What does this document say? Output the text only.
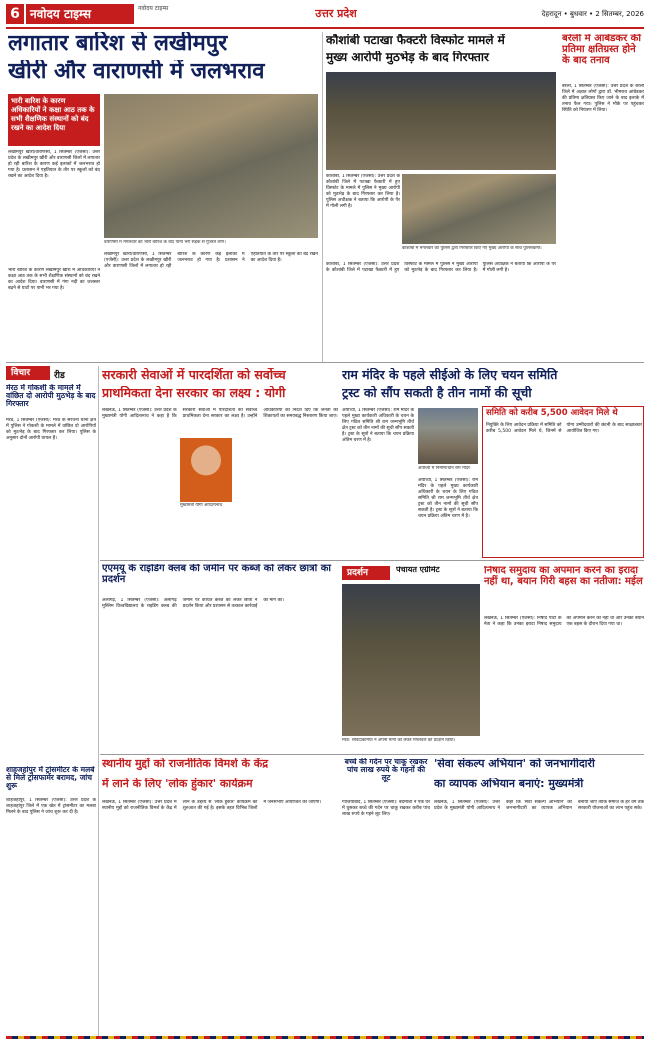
6 नवोदय टाइम्स	नवोदय टाइम्स	उत्तर प्रदेश	देहरादून • बुधवार • 2 सितम्बर, 2026
लगातार बारिश से लखीमपुर
खीरी और वाराणसी में जलभराव
भारी बारिश के कारण अधिकारियों ने कक्षा आठ तक के सभी शैक्षणिक संस्थानों को बंद रखने का आदेश दिया
लखीमपुर खीरी/वाराणसी, 1 सितम्बर (एजेंसी): उत्तर प्रदेश के लखीमपुर खीरी और वाराणसी जिलों में लगातार हो रही बारिश के कारण कई इलाकों में जलभराव हो गया है। प्रशासन ने एहतियात के तौर पर स्कूलों को बंद रखने का आदेश दिया है।
वाराणसी में मंगलवार को भारी बारिश के बाद पानी भरी सड़क से गुजरते लोग।
भारी बारिश के कारण लखीमपुर खीरी में अधिकारियों ने कक्षा आठ तक के सभी शैक्षणिक संस्थानों को बंद रखने का आदेश दिया। वाराणसी में गंगा नदी का जलस्तर बढ़ने से घाटों पर पानी भर गया है।
लखीमपुर खीरी/वाराणसी, 1 सितम्बर (एजेंसी): उत्तर प्रदेश के लखीमपुर खीरी और वाराणसी जिलों में लगातार हो रही बारिश के कारण कई इलाकों में जलभराव हो गया है। प्रशासन ने एहतियात के तौर पर स्कूलों को बंद रखने का आदेश दिया है।
कौशांबी पटाखा फैक्टरी विस्फोट मामले में
मुख्य आरोपी मुठभेड़ के बाद गिरफ्तार
कौशांबी, 1 सितम्बर (एजेंसी): उत्तर प्रदेश के कौशांबी जिले में पटाखा फैक्टरी में हुए विस्फोट के मामले में पुलिस ने मुख्य आरोपी को मुठभेड़ के बाद गिरफ्तार कर लिया है। पुलिस अधीक्षक ने बताया कि आरोपी के पैर में गोली लगी है।
कौशांबी में मंगलवार को पुलिस द्वारा गिरफ्तार किए गए मुख्य आरोपी के साथ पुलिसकर्मी।
कौशांबी, 1 सितम्बर (एजेंसी): उत्तर प्रदेश के कौशांबी जिले में पटाखा फैक्टरी में हुए विस्फोट के मामले में पुलिस ने मुख्य आरोपी को मुठभेड़ के बाद गिरफ्तार कर लिया है। पुलिस अधीक्षक ने बताया कि आरोपी के पैर में गोली लगी है।
बरेली में आंबेडकर की प्रतिमा क्षतिग्रस्त होने के बाद तनाव
बरेली, 1 सितम्बर (एजेंसी): उत्तर प्रदेश के बरेली जिले में अज्ञात लोगों द्वारा डॉ. भीमराव आंबेडकर की प्रतिमा क्षतिग्रस्त किए जाने के बाद इलाके में तनाव फैल गया। पुलिस ने मौके पर पहुंचकर स्थिति को नियंत्रण में लिया।
विचार	रीड
मेरठ में गोकशी के मामले में वांछित दो आरोपी मुठभेड़ के बाद गिरफ्तार
मेरठ, 1 सितम्बर (एजेंसी): मेरठ के सरधना थाना क्षेत्र में पुलिस ने गोकशी के मामले में वांछित दो आरोपियों को मुठभेड़ के बाद गिरफ्तार कर लिया। पुलिस के अनुसार दोनों आरोपी घायल हैं।
शाहजहांपुर में ट्रांसमीटर के मलबे से मिले ट्रांसफार्मर बरामद, जांच शुरू
शाहजहांपुर, 1 सितम्बर (एजेंसी): उत्तर प्रदेश के शाहजहांपुर जिले में एक खेत में ट्रांसमीटर का मलबा मिलने के बाद पुलिस ने जांच शुरू कर दी है।
सरकारी सेवाओं में पारदर्शिता को सर्वोच्च
प्राथमिकता देना सरकार का लक्ष्य : योगी
लखनऊ, 1 सितम्बर (एजेंसी): उत्तर प्रदेश के मुख्यमंत्री योगी आदित्यनाथ ने कहा है कि सरकारी सेवाओं में पारदर्शिता को सर्वोच्च प्राथमिकता देना सरकार का लक्ष्य है। उन्होंने अधिकारियों को निर्देश दिए कि जनता की शिकायतों का समयबद्ध निस्तारण किया जाए।
मुख्यमंत्री योगी आदित्यनाथ
राम मंदिर के पहले सीईओ के लिए चयन समिति
ट्रस्ट को सौंप सकती है तीन नामों की सूची
अयोध्या, 1 सितम्बर (एजेंसी): राम मंदिर के पहले मुख्य कार्यकारी अधिकारी के चयन के लिए गठित समिति श्री राम जन्मभूमि तीर्थ क्षेत्र ट्रस्ट को तीन नामों की सूची सौंप सकती है। ट्रस्ट के सूत्रों ने बताया कि चयन प्रक्रिया अंतिम चरण में है।
अयोध्या में निर्माणाधीन राम मंदिर
अयोध्या, 1 सितम्बर (एजेंसी): राम मंदिर के पहले मुख्य कार्यकारी अधिकारी के चयन के लिए गठित समिति श्री राम जन्मभूमि तीर्थ क्षेत्र ट्रस्ट को तीन नामों की सूची सौंप सकती है। ट्रस्ट के सूत्रों ने बताया कि चयन प्रक्रिया अंतिम चरण में है।
समिति को करीब 5,500 आवेदन मिले थे
नियुक्ति के लिए आवेदन प्रक्रिया में समिति को करीब 5,500 आवेदन मिले थे, जिनमें से योग्य उम्मीदवारों की छंटनी के बाद साक्षात्कार आयोजित किए गए।
एएमयू के राइडिंग क्लब की जमीन पर कब्जे को लेकर छात्रों का प्रदर्शन
अलीगढ़, 1 सितम्बर (एजेंसी): अलीगढ़ मुस्लिम विश्वविद्यालय के राइडिंग क्लब की जमीन पर कथित कब्जे को लेकर छात्रों ने प्रदर्शन किया और प्रशासन से तत्काल कार्रवाई की मांग की।
प्रदर्शन	पंचायत एग्रीमेंट
मेरठ: संविदाकर्मियों ने अपनी मांगों को लेकर मंगलवार को प्रदर्शन किया।
निषाद समुदाय का अपमान करने का इरादा नहीं था, बयान गिरी बहस का नतीजा: मईल
लखनऊ, 1 सितम्बर (एजेंसी): निषाद पार्टी के नेता ने कहा कि उनका इरादा निषाद समुदाय का अपमान करने का नहीं था और उनका बयान एक बहस के दौरान दिया गया था।
स्थानीय मुद्दों को राजनीतिक विमर्श के केंद्र
में लाने के लिए 'लोक हुंकार' कार्यक्रम
लखनऊ, 1 सितम्बर (एजेंसी): उत्तर प्रदेश में स्थानीय मुद्दों को राजनीतिक विमर्श के केंद्र में लाने के उद्देश्य से 'लोक हुंकार' कार्यक्रम की शुरुआत की गई है। इसके तहत विभिन्न जिलों में जनसभाएं आयोजित की जाएंगी।
बच्चे की गर्दन पर चाकू रखकर पांच लाख रुपये के गहनों की लूट
गाजियाबाद, 1 सितम्बर (एजेंसी): बदमाशों ने एक घर में घुसकर बच्चे की गर्दन पर चाकू रखकर करीब पांच लाख रुपये के गहने लूट लिए।
'सेवा संकल्प अभियान' को जनभागीदारी
का व्यापक अभियान बनाएं: मुख्यमंत्री
लखनऊ, 1 सितम्बर (एजेंसी): उत्तर प्रदेश के मुख्यमंत्री योगी आदित्यनाथ ने कहा कि 'सेवा संकल्प अभियान' को जनभागीदारी का व्यापक अभियान बनाया जाए ताकि समाज के हर वर्ग तक सरकारी योजनाओं का लाभ पहुंच सके।
